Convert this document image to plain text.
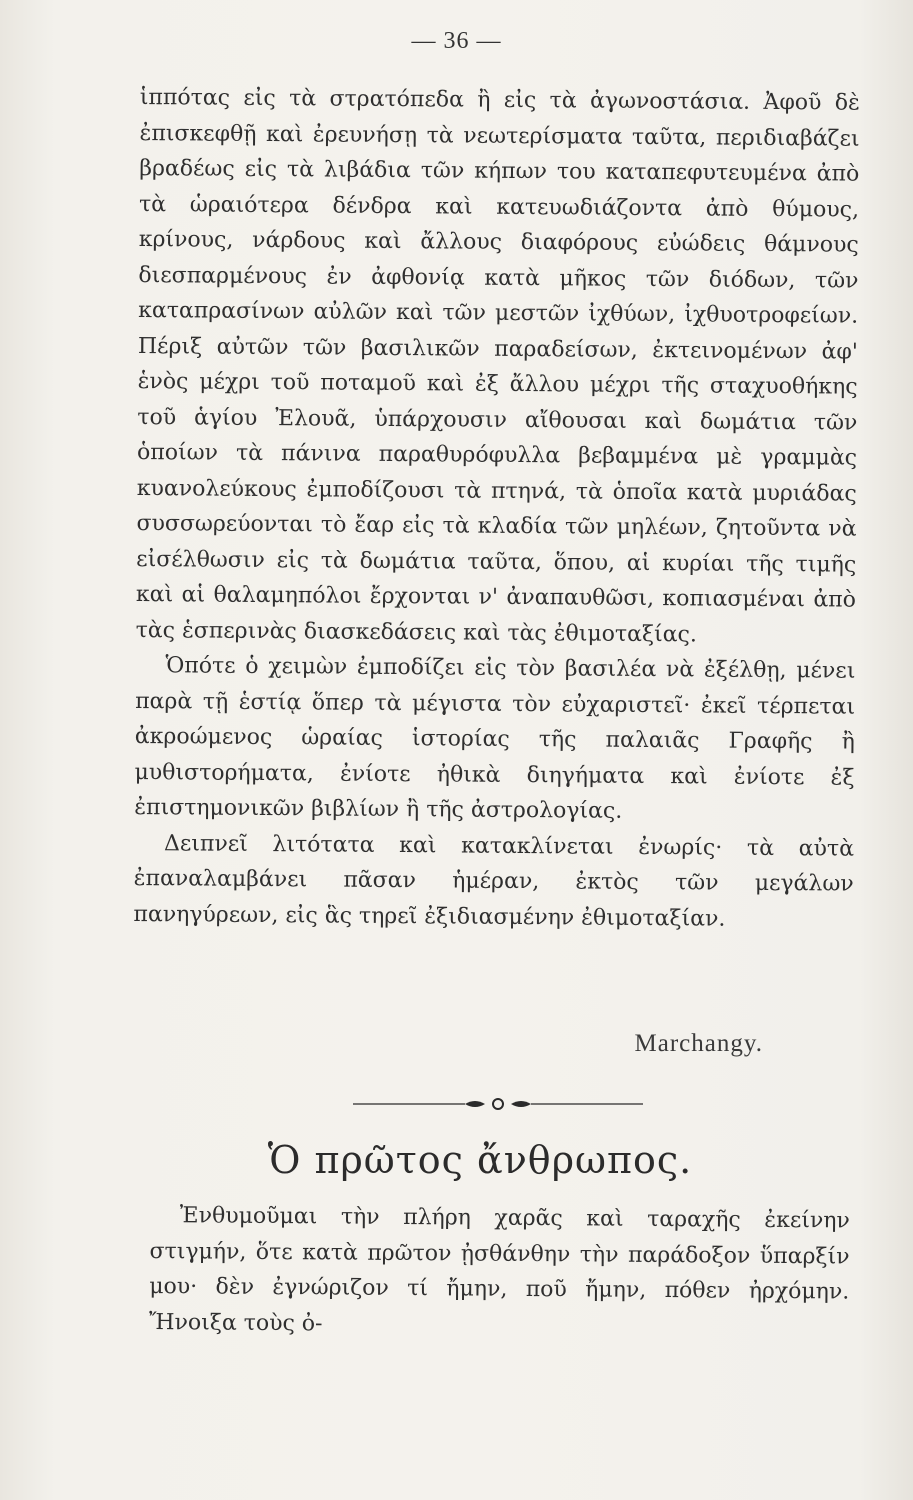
— 36 —

ἱππότας εἰς τὰ στρατόπεδα ἢ εἰς τὰ ἀγωνοστάσια. Ἀφοῦ δὲ ἐπισκεφθῇ καὶ ἐρευνήσῃ τὰ νεωτερίσματα ταῦτα, περιδιαβάζει βραδέως εἰς τὰ λιβάδια τῶν κήπων του καταπεφυτευμένα ἀπὸ τὰ ὡραιότερα δένδρα καὶ κατευωδιάζοντα ἀπὸ θύμους, κρίνους, νάρδους καὶ ἄλλους διαφόρους εὐώδεις θάμνους διεσπαρμένους ἐν ἀφθονίᾳ κατὰ μῆκος τῶν διόδων, τῶν καταπρασίνων αὐλῶν καὶ τῶν μεστῶν ἰχθύων, ἰχθυοτροφείων. Πέριξ αὐτῶν τῶν βασιλικῶν παραδείσων, ἐκτεινομένων ἀφ' ἑνὸς μέχρι τοῦ ποταμοῦ καὶ ἐξ ἄλλου μέχρι τῆς σταχυοθήκης τοῦ ἁγίου Ἐλουᾶ, ὑπάρχουσιν αἴθουσαι καὶ δωμάτια τῶν ὁποίων τὰ πάνινα παραθυρόφυλλα βεβαμμένα μὲ γραμμὰς κυανολεύκους ἐμποδίζουσι τὰ πτηνά, τὰ ὁποῖα κατὰ μυριάδας συσσωρεύονται τὸ ἔαρ εἰς τὰ κλαδία τῶν μηλέων, ζητοῦντα νὰ εἰσέλθωσιν εἰς τὰ δωμάτια ταῦτα, ὅπου, αἱ κυρίαι τῆς τιμῆς καὶ αἱ θαλαμηπόλοι ἔρχονται ν' ἀναπαυθῶσι, κοπιασμέναι ἀπὸ τὰς ἑσπερινὰς διασκεδάσεις καὶ τὰς ἐθιμοταξίας.

Ὁπότε ὁ χειμὼν ἐμποδίζει εἰς τὸν βασιλέα νὰ ἐξέλθῃ, μένει παρὰ τῇ ἑστίᾳ ὅπερ τὰ μέγιστα τὸν εὐχαριστεῖ· ἐκεῖ τέρπεται ἀκροώμενος ὡραίας ἱστορίας τῆς παλαιᾶς Γραφῆς ἢ μυθιστορήματα, ἐνίοτε ἠθικὰ διηγήματα καὶ ἐνίοτε ἐξ ἐπιστημονικῶν βιβλίων ἢ τῆς ἀστρολογίας.

Δειπνεῖ λιτότατα καὶ κατακλίνεται ἐνωρίς· τὰ αὐτὰ ἐπαναλαμβάνει πᾶσαν ἡμέραν, ἐκτὸς τῶν μεγάλων πανηγύρεων, εἰς ἃς τηρεῖ ἐξιδιασμένην ἐθιμοταξίαν.

Marchangy.
Ὁ πρῶτος ἄνθρωπος.

Ἐνθυμοῦμαι τὴν πλήρη χαρᾶς καὶ ταραχῆς ἐκείνην στιγμήν, ὅτε κατὰ πρῶτον ᾐσθάνθην τὴν παράδοξον ὕπαρξίν μου· δὲν ἐγνώριζον τί ἤμην, ποῦ ἤμην, πόθεν ἠρχόμην. Ἤνοιξα τοὺς ὀ-
